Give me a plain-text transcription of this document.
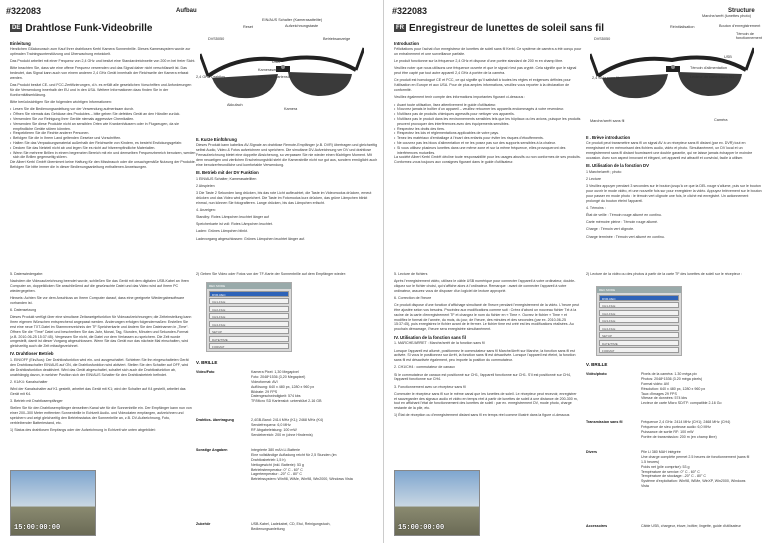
#322083	Aufbau
DE Drahtlose Funk-Videobrille
EIN/AUS Schalter (Kamerasattelite)
Reset	Aufzeichnungstaste
Betriebsanzeige
DVS5050
USB
Kamerasender
2,4 GHz Drahtlos	Micro SD Kartenslot
Akkufach
Kamera
Einleitung

Herzlichen Glückwunsch zum Kauf Ihrer drahtlosen Kerbl Kamera Sonnenbrille. Dieses Kamerasystem wurde zur optimalen Trainingsunterstützung und Überwachung entwickelt.

Das Produkt arbeitet mit einer Frequenz von 2,4 GHz und besitzt eine Standardreichweite von 200 m bei freier Sicht.

Bitte beachten Sie, dass wie eine offene Frequenz verwenden und das Signal daher nicht verschlüsselt ist. Das bedeutet, das Signal kann auch von einem anderen 2,4 GHz Gerät innerhalb der Reichweite der Kamera erfasst werden.

Das Produkt besitzt CE- und FCC-Zertifizierungen, d.h. es erfüllt alle gesetzlichen Vorschriften und Anforderungen für die Verwendung innerhalb der EU und in den USA. Weitere Informationen dazu finden Sie in der Konformitätserklärung.

Bitte berücksichtigen Sie die folgenden wichtigen Informationen:

• Lesen Sie die Bedienungsanleitung vor der Verwendung aufmerksam durch.
• Öffnen Sie niemals das Gehäuse des Produktes – bitte geben Sie defektes Gerät an den Händler zurück.
• Verwenden Sie zur Reinigung Ihrer Geräte niemals aggressive Chemikalien.
• Verwenden Sie diese Produkte nicht an sensiblen Orten wie Krankenhäusern oder in Flugzeugen, da sie empfindliche Geräte stören könnten.
• Respektieren Sie die Rechte anderer Personen.
• Befolgen Sie die in Ihrem Land geltenden Gesetze und Vorschriften.
• Halten Sie das Verpackungsmaterial außerhalb der Reichweite von Kindern, es besteht Erstickungsgefahr.
• Decken Sie das Netzteil nicht ab und legen Sie es nicht auf hitzeempfindliche Materialien.
• Wenn Sie mehrere Brillen in einem begrenzten Bereich mit ein und demselben Frequenzbereich benutzen, werden sich die Brillen gegenseitig stören.

Die Albert Kerbl GmbH übernimmt keine Haftung für den Missbrauch oder die unsachgemäße Nutzung der Produkte. Befolgen Sie bitte immer die in dieser Bedienungsanleitung enthaltenen Anweisungen.

II. Kurze Einführung

Dieses Produkt kann kabellos AV-Signale an drahtlose Remote-Empfänger (z.B. DVR) übertragen und gleichzeitig selbst Audio, Video & Fotos aufzeichnen und speichern. Die simultane DV-Aufzeichnung ver DV und drahtlose Fernaufzeichnung bietet eine doppelte Absicherung, so verpassen Sie nie wieder einen flüchtigen Moment. Mit dem neuartigen und zierlichen Erscheinungsbild steht die Kamerabrille nicht nur gut aus, sondern ermöglicht auch eine benutzerfreundliche und komfortable Verwendung.

III. Betrieb mit der DV Funktion

1 EIN/AUS Schalter; Kamerasatelliten

2 Abspielen

3 Die Taste 2 Sekunden lang drücken, bis das rote Licht aufleuchtet, die Taste im Videomodus drücken, erneut drücken und das Video wird gespeichert. Die Taste im Fotomodus kurz drücken, das grüne Lämpchen blinkt einmal, nun können Sie fotografieren. Lange drücken, bis das Lämpchen erlischt.

4. Anzeigen:

Standby: Rotes Lämpchen leuchtet länger auf

Speicherkarte ist voll: Rotes Lämpchen leuchtet.

Laden: Grünes Lämpchen blinkt.

Ladevorgang abgeschlossen: Grünes Lämpchen leuchtet länger auf.

5. Datenwiedergabe:

Nachdem die Videoaufzeichnung beendet wurde, schließen Sie das Gerät mit dem digitalen USB-Kabel an Ihren Computer an, doppelklicken Sie anschließend auf die gewünschte Datei und das Video wird auf Ihrem PC wiedergegeben.

Hinweis: Achten Sie vor dem Anschluss an Ihrem Computer darauf, dass eine geeignete Wiedergabesoftware vorhanden ist.

6. Datensetzung

Dieses Produkt verfügt über eine simultane Zeitanzeigefunktion für Videoaufzeichnungen; die Zeiteinstellung kann Ihren eigenen Wünschen entsprechend angepasst werden. Änderungen erfolgen folgendermaßen: Erstellen Sie erst eine neue TXT-Datei im Stammverzeichnis der TF Speicherkarte und ändern Sie den Dateinamen in „Time“. Öffnen Sie die “Time” Datei und beschreiben Sie das Jahr, Monat, Tag, Stunden, Minuten und Sekunden-Format (z.B. 2010-06-25 15:37:45). Vergessen Sie nicht, die Datei vor dem Verlassen zu speichern. Die Zeit wurde umgestellt, damit ist dieser Vorgang abgeschlossen. Wenn Sie das Gerät nun das nächste Mal einschalten, wird gleichzeitig auch die Zeit mitaufgezeichnet.

IV. Drahtloser Betrieb

1. EIN/OFF (Ein/Aus): Der Drahtlosfunktion wird ein- und ausgeschaltet. Schieben Sie ihn eingeschalteten Gerät den Drahtlosschalter EIN/AUS auf ON, die Drahtlosfunktion wird aktiviert. Stellen Sie den Schalter auf OFF, wird die Drahtlosfunktion deaktiviert. Wird das Gerät abgeschaltet, schaltet sich auch die Drahtlosfunktion ab, unabhängig davon, in welcher Position sich der EIN/AUS Schalter für den Drahtlosbetrieb befindet.

2. K1/K4: Kanalschalter

Wird der Kanalschalter auf K1 gestellt, arbeitet das Gerät mit K1; wird der Schalter auf K4 gestellt, arbeitet das Gerät mit K4.

3. Betrieb mit Drahtlosempfänger

Stellen Sie für den Drahtlosempfänger denselben Kanal wie für die Sonnenbrille ein. Der Empfänger kann nun von einer 200–300 Meter entfernten Sonnenbrille in Echtzeit Audio- und Videodaten empfangen, aufzeichnen und speichern und zeigt gleichzeitig den Betriebsstatus der Sonnenbrille an, z.B. DV-Aufzeichnung, Foto, verbleibender Batteriestand, etc.

1) Status des drahtlosen Empfangs oder der Aufzeichnung in Echtzeit wie unten abgebildet:

2) Geben Sie Video oder Fotos von der TF-Karte der Sonnenbrille auf dem Empfänger wieder:

REC MODE
DVR-REC
CH1-FILE
CH2-FILE
CH3-FILE
CH4-FILE
SETUP
DATE/TIME
FORMAT
V. BRILLE
Video/Foto	Kamera Pixel: 1,30 Megapixel
Foto: 2048*1536 (3,20 Megapixel)
Videoformat: AVI
Auflösung: 640 x 480 px, 1280 x 960 px
Bildrate: 29 FPS
Datengeschwindigkeit: 574 kbs
TF/Micro SD Kartenslot: unterstützt 2-16 GB
Drahtlos- übertragung	2,4GB-Band: 2414 MHz (K1); 2468 MHz (K4)
Sendefrequenz: 6,0 MHz
RF Abgabeleistung: 100 mW
Sendebereich: 200 m (ohne Hindernis)
Sonstige Angaben	Integrierte 380 mAh Li-Batterie
Eine vollständige Aufladung reicht für 2,5 Stunden (im Drahtlosbetrieb 1,5 h)
Nettogewicht (inkl. Batterie): 53 g
Betriebstemperatur: 0° C - 60° C
Lagertemperatur: -20° C - 80° C
Betriebssystem: Win98, WiMe, Win98, Win2000, Windows Vista
Zubehör	USB-Kabel, Ladekabel, CD, Etui, Reinigungstuch, Bedienungsanleitung
15:00:00:00
#322083	Structure
FR Enregistreur de lunettes de soleil sans fil
Marche/arrêt (lunettes photo)
Réinitialisation	Bouton d'enregistrement
Témoin de fonctionnement
DVS5050
USB
Témoin d'alimentation
2,4 GHz sans fil	Lecteur de carte Micro SD
Marche/arrêt sans fil	Caméra
Introduction

Félicitations pour l'achat d'un enregistreur de lunettes de soleil sans fil Kerbl. Ce système de caméra a été conçu pour un entraînement et une surveillance parfaite.

Le produit fonctionne sur la fréquence 2,4 GHz et dispose d'une portée standard de 200 m en champ libre.

Veuillez noter que nous utilisons une fréquence ouverte et que le signal n'est pas crypté. Cela signifie que le signal peut être capté par tout autre appareil 2,4 GHz à portée de la caméra.

Ce produit est homologué CE et FCC, ce qui signifie qu'il satisfait à toutes les règles et exigences définies pour l'utilisation en Europe et aux USA. Pour de plus amples informations, veuillez vous reporter à la déclaration de conformité.

Veuillez également tenir compte des informations importantes figurant ci-dessous :

• Avant toute utilisation, lisez attentivement le guide d'utilisateur.
• N'ouvrez jamais le boîtier d'un appareil – veuillez retourner les appareils endommagés à votre revendeur.
• N'utilisez pas de produits chimiques agressifs pour nettoyer vos appareils.
• N'utilisez pas le produit dans les environnements sensibles tels que les hôpitaux ou les avions, puisque les produits peuvent provoquer des interférences avec des équipements sensibles.
• Respectez les droits des tiers.
• Respectez les lois et réglementations applicables de votre pays.
• Tenez les matériaux d'emballage à l'écart des enfants pour éviter les risques d'étouffements.
• Ne couvrez pas les blocs d'alimentation et ne les posez pas sur des supports sensibles à la chaleur.
• Si vous utilisez plusieurs lunettes dans une même zone et sur la même fréquence, elles provoqueront des interférences mutuelles.

La société Albert Kerbl GmbH décline toute responsabilité pour les usages abusifs ou non conformes de ses produits. Conformez-vous toujours aux consignes figurant dans le guide d'utilisateur.

II . Brève introduction

Ce produit peut transmettre sans fil un signal AV à un récepteur sans fil distant (par ex. DVR) tout en enregistrant et en mémorisant des fichiers audio, vidéo et photo. Simultanément, un DV local et un enregistrement sans fil distant fournissent une double garantie, qui ne laisse jamais échapper le moindre occasion. Avec son aspect innovant et élégant, cet appareil est attractif et convivial, facile à utiliser.

III. Utilisation de la fonction DV

1 Marche/arrêt ; photo

2 Lecture

3 Veuillez appuyer pendant 3 secondes sur le bouton jusqu'à ce que la DEL rouge s'allume, puis sur le bouton pour ouvrir le mode vidéo, et une nouvelle fois sur pour enregistrer la vidéo. Appuyez brièvement sur le bouton pour passer en mode photo : le témoin vert clignote une fois, le cliché est enregistré. Un actionnement prolongé du bouton éteint l'appareil.

4. Témoins :

État de veille : Témoin rouge allumé en continu.

Carte mémoire pleine : Témoin rouge allumé.

Charge : Témoin vert clignote.

Charge terminée : Témoin vert allumé en continu.

5. Lecture de fichiers

Après l'enregistrement vidéo, utilisez le câble USB numérique pour connecter l'appareil à votre ordinateur, double-cliquez sur le fichier choisi, qui s'affiche alors à l'ordinateur. Remarque : avant de connecter l'appareil à votre ordinateur, assurez vous de disposer d'un logiciel de lecture approprié.

6. Correction de l'heure

Ce produit dispose d'une fonction d'affichage simultané de l'heure pendant l'enregistrement de la vidéo. L'heure peut être ajustée selon vos besoins. Procédez aux modifications comme suit : Créez d'abord un nouveau fichier Txt à la racine de la carte d'enregistrement TF et changez le nom du fichier en « Time ». Ouvrez le fichier « Time » et modifiez le format de l'année, du mois, du jour, de l'heure, des minutes et des secondes (par ex. 2010-06-25 15:37:45), puis enregistrez le fichier avant de le fermer. Le fichier time est créé est les modifications réalisées. Au prochain démarrage, l'heure sera enregistrée simultanément.

IV. Utilisation de la fonction sans fil

1. MARCHE/ARRET : Marche/arrêt de la fonction sans fil

Lorsque l'appareil est allumé, positionnez le commutateur sans fil Marche/Arrêt sur Marche, la fonction sans fil est activée. Si vous le positionnez sur Arrêt, la fonction sans fil est désactivée. Lorsque l'appareil est éteint, la fonction sans fil est désactivée également, peu importe la position du commutateur.

2. CH1/CH4 : commutateur de canaux

Si le commutateur de canaux est positionné sur CH1, l'appareil fonctionne sur CH1. S'il est positionné sur CH4, l'appareil fonctionne sur CH4.

3. Fonctionnement avec un récepteur sans fil

Commuter le récepteur sans fil sur le même canal que les lunettes de soleil. Le récepteur peut recevoir, enregistrer et sauvegarder des signaux audio et vidéo en temps réel à partir de lunettes de soleil à une distance de 200-300 m, tout en affichant l'état de fonctionnement des lunettes de soleil : par ex. enregistrement DV, mode photo, charge restante de la pile, etc.

1) État de réception ou d'enregistrement distant sans fil en temps réel comme illustré dans la figure ci-dessous

2) Lecture de la vidéo ou des photos à partir de la carte TF des lunettes de soleil sur le récepteur :

REC MODE
DVR-REC
CH1-FILE
CH2-FILE
CH3-FILE
CH4-FILE
SETUP
DATE/TIME
FORMAT
V. BRILLE
Vidéo/photo	Pixels de la caméra: 1.30 méga pix
Photos: 2048*1536 (3.20 méga pixels)
Format vidéo: AVI
Résolution: 640 x 480 px, 1280 x 960 px
Taux d'images 29 FPS
Vitesse de données: 574 kbs
Lecteur de carte Micro SD/TF: compatible 2-16 Go
Transmission sans fil	Fréquence 2,4 GHz: 2414 MHz (CH1); 2468 MHz (CH4)
Fréquence de sieu porteuse audio: 6,0 MHz
Puissance de sortie RF: 100 mW
Portée de transmission: 200 m (en champ libre)
Divers	Pile Li 380 MAH intégrée
Une charge complète permet 2.5 heures de fonctionnement (sans fil 1.5 heures)
Poids net (pile comprise): 53 g
Température de service: 0° C - 60° C
Température de stockage: -20° C - 80° C
Système d'exploitation: Win98, WiMe, WinXP, Win2000, Windows Vista
Accessoires	Câble USB, chargeur, étuve, boîtier, lingette, guide d'utilisateur
15:00:00:00
